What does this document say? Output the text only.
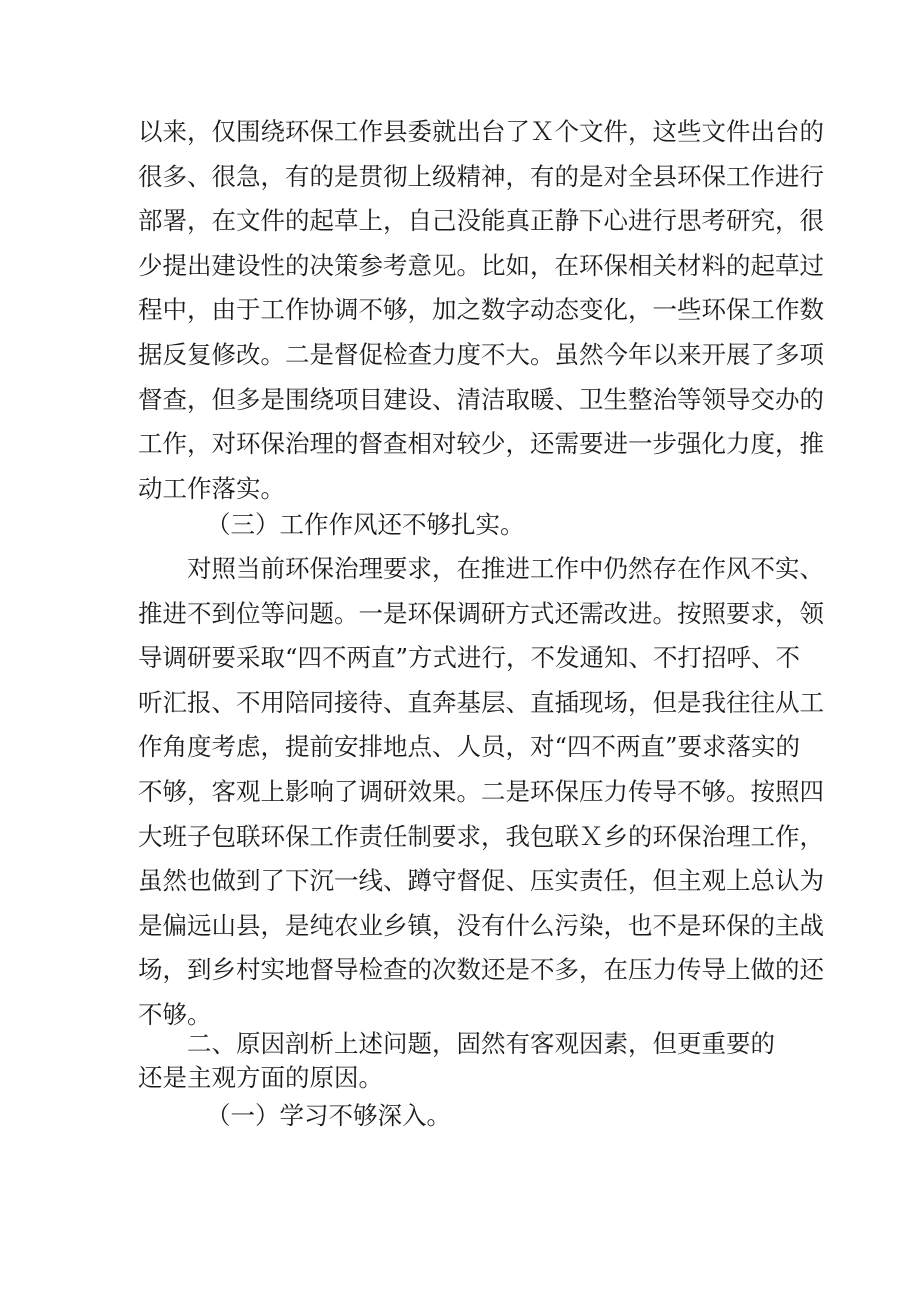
以来，仅围绕环保工作县委就出台了Ｘ个文件，这些文件出台的
很多、很急，有的是贯彻上级精神，有的是对全县环保工作进行
部署，在文件的起草上，自己没能真正静下心进行思考研究，很
少提出建设性的决策参考意见。比如，在环保相关材料的起草过
程中，由于工作协调不够，加之数字动态变化，一些环保工作数
据反复修改。二是督促检查力度不大。虽然今年以来开展了多项
督查，但多是围绕项目建设、清洁取暖、卫生整治等领导交办的
工作，对环保治理的督查相对较少，还需要进一步强化力度，推
动工作落实。
（三）工作作风还不够扎实。
对照当前环保治理要求，在推进工作中仍然存在作风不实、
推进不到位等问题。一是环保调研方式还需改进。按照要求，领
导调研要采取“四不两直”方式进行，不发通知、不打招呼、不
听汇报、不用陪同接待、直奔基层、直插现场，但是我往往从工
作角度考虑，提前安排地点、人员，对“四不两直”要求落实的
不够，客观上影响了调研效果。二是环保压力传导不够。按照四
大班子包联环保工作责任制要求，我包联Ｘ乡的环保治理工作，
虽然也做到了下沉一线、蹲守督促、压实责任，但主观上总认为
是偏远山县，是纯农业乡镇，没有什么污染，也不是环保的主战
场，到乡村实地督导检查的次数还是不多，在压力传导上做的还
不够。
二、原因剖析上述问题，固然有客观因素，但更重要的
还是主观方面的原因。
（一）学习不够深入。
